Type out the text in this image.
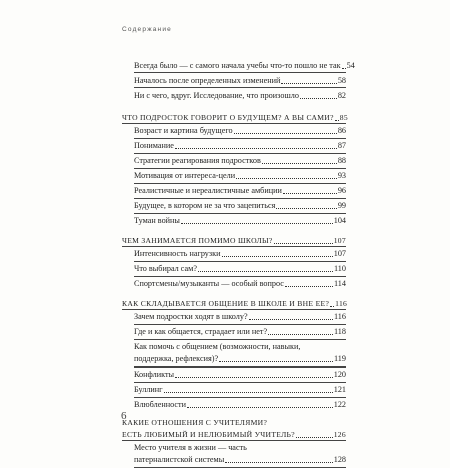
Содержание
Всегда было — с самого начала учебы что-то пошло не так 54
Началось после определенных изменений	58
Ни с чего, вдруг. Исследование, что произошло	82
ЧТО ПОДРОСТОК ГОВОРИТ О БУДУЩЕМ? А ВЫ САМИ? 85
Возраст и картина будущего	86
Понимание	87
Стратегии реагирования подростков	88
Мотивация от интереса-цели	93
Реалистичные и нереалистичные амбиции	96
Будущее, в котором не за что зацепиться	99
Туман войны	104
ЧЕМ ЗАНИМАЕТСЯ ПОМИМО ШКОЛЫ?	107
Интенсивность нагрузки	107
Что выбирал сам?	110
Спортсмены/музыканты — особый вопрос	114
КАК СКЛАДЫВАЕТСЯ ОБЩЕНИЕ В ШКОЛЕ И ВНЕ ЕЕ? 116
Зачем подростки ходят в школу?	116
Где и как общается, страдает или нет?	118
Как помочь с общением (возможности, навыки,
поддержка, рефлексия)?	119
Конфликты	120
Буллинг	121
Влюбленности	122
КАКИЕ ОТНОШЕНИЯ С УЧИТЕЛЯМИ?
ЕСТЬ ЛЮБИМЫЙ И НЕЛЮБИМЫЙ УЧИТЕЛЬ?	126
Место учителя в жизни — часть
патерналистской системы	128
6
